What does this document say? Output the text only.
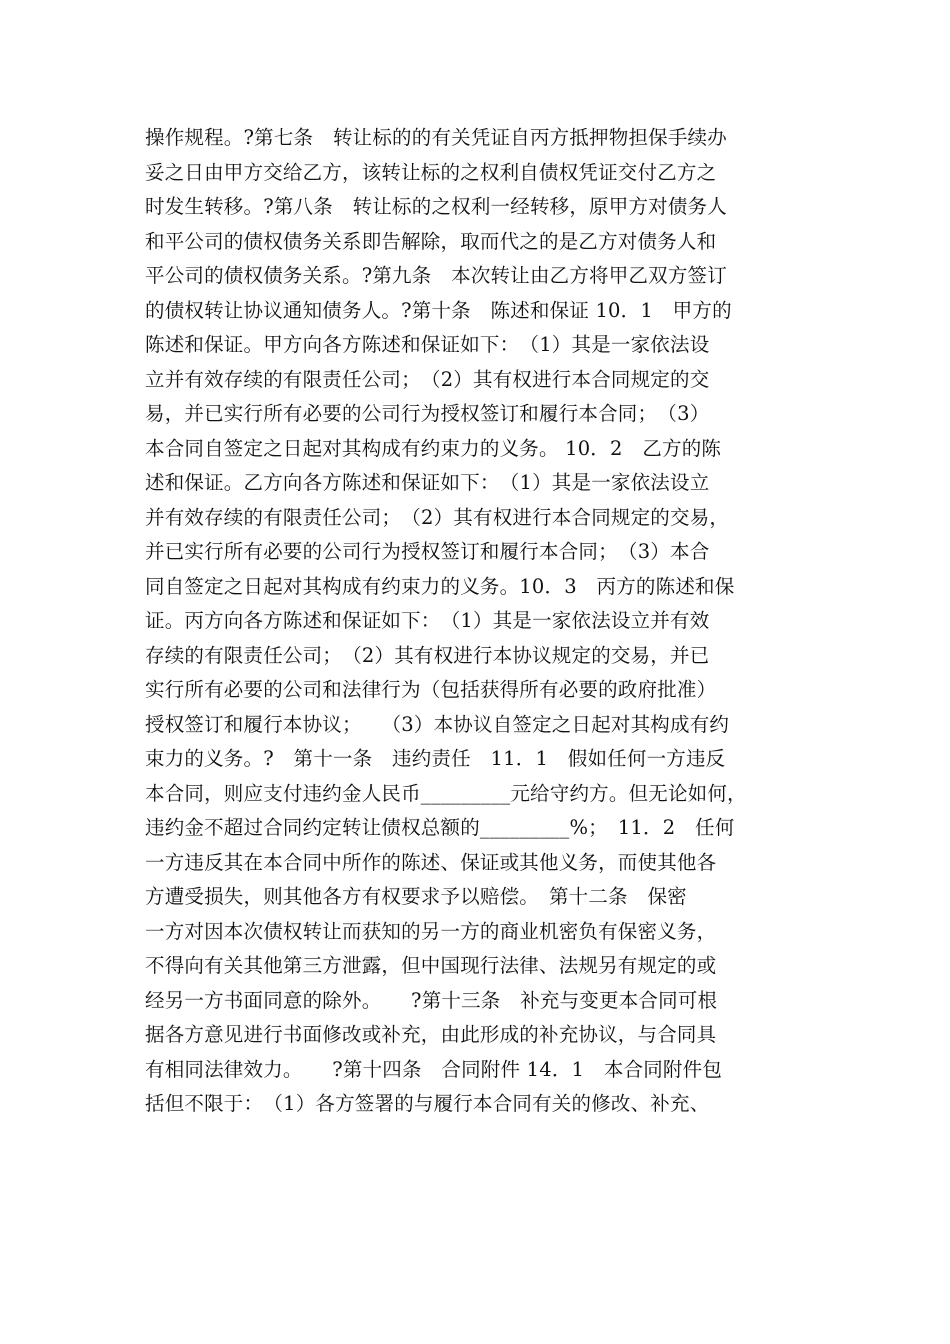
操作规程。?第七条　转让标的的有关凭证自丙方抵押物担保手续办
妥之日由甲方交给乙方，该转让标的之权利自债权凭证交付乙方之
时发生转移。?第八条　转让标的之权利一经转移，原甲方对债务人
和平公司的债权债务关系即告解除，取而代之的是乙方对债务人和
平公司的债权债务关系。?第九条　本次转让由乙方将甲乙双方签订
的债权转让协议通知债务人。?第十条　陈述和保证 10．1　甲方的
陈述和保证。甲方向各方陈述和保证如下：　（1）其是一家依法设
立并有效存续的有限责任公司；　（2）其有权进行本合同规定的交
易，并已实行所有必要的公司行为授权签订和履行本合同；　（3）
本合同自签定之日起对其构成有约束力的义务。 10．2　乙方的陈
述和保证。乙方向各方陈述和保证如下：　（1）其是一家依法设立
并有效存续的有限责任公司；　（2）其有权进行本合同规定的交易，
并已实行所有必要的公司行为授权签订和履行本合同；　（3）本合
同自签定之日起对其构成有约束力的义务。10．3　丙方的陈述和保
证。丙方向各方陈述和保证如下：　（1）其是一家依法设立并有效
存续的有限责任公司；　（2）其有权进行本协议规定的交易，并已
实行所有必要的公司和法律行为（包括获得所有必要的政府批准）
授权签订和履行本协议；　　（3）本协议自签定之日起对其构成有约
束力的义务。?　第十一条　违约责任　11．1　假如任何一方违反
本合同，则应支付违约金人民币_________元给守约方。但无论如何，
违约金不超过合同约定转让债权总额的_________%；　11．2　任何
一方违反其在本合同中所作的陈述、保证或其他义务，而使其他各
方遭受损失，则其他各方有权要求予以赔偿。　第十二条　保密
一方对因本次债权转让而获知的另一方的商业机密负有保密义务，
不得向有关其他第三方泄露，但中国现行法律、法规另有规定的或
经另一方书面同意的除外。　　?第十三条　补充与变更本合同可根
据各方意见进行书面修改或补充，由此形成的补充协议，与合同具
有相同法律效力。　　?第十四条　合同附件 14．1　本合同附件包
括但不限于：　（1）各方签署的与履行本合同有关的修改、补充、
